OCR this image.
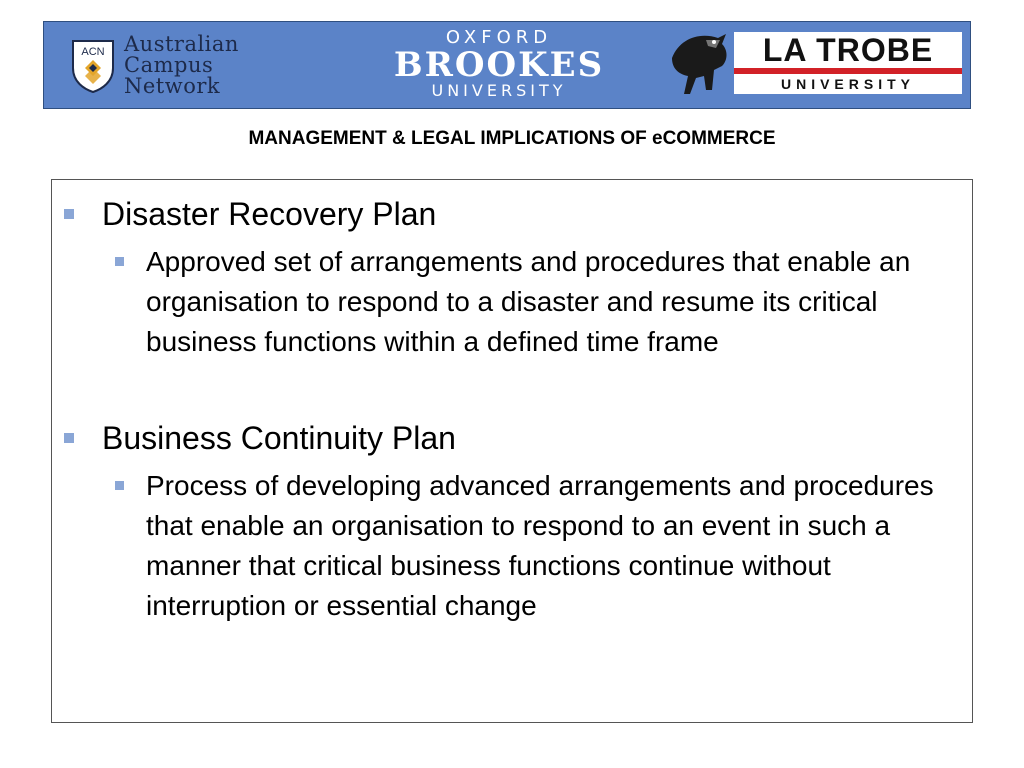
ACN Australian
Campus
Network
OXFORD
BROOKES
UNIVERSITY
LA TROBE
UNIVERSITY
MANAGEMENT & LEGAL IMPLICATIONS OF eCOMMERCE
Disaster Recovery Plan
Approved set of arrangements and procedures that enable an organisation to respond to a disaster and resume its critical business functions within a defined time frame
Business Continuity Plan
Process of developing advanced arrangements and procedures that enable an organisation to respond to an event in such a manner that critical business functions continue without interruption or essential change
